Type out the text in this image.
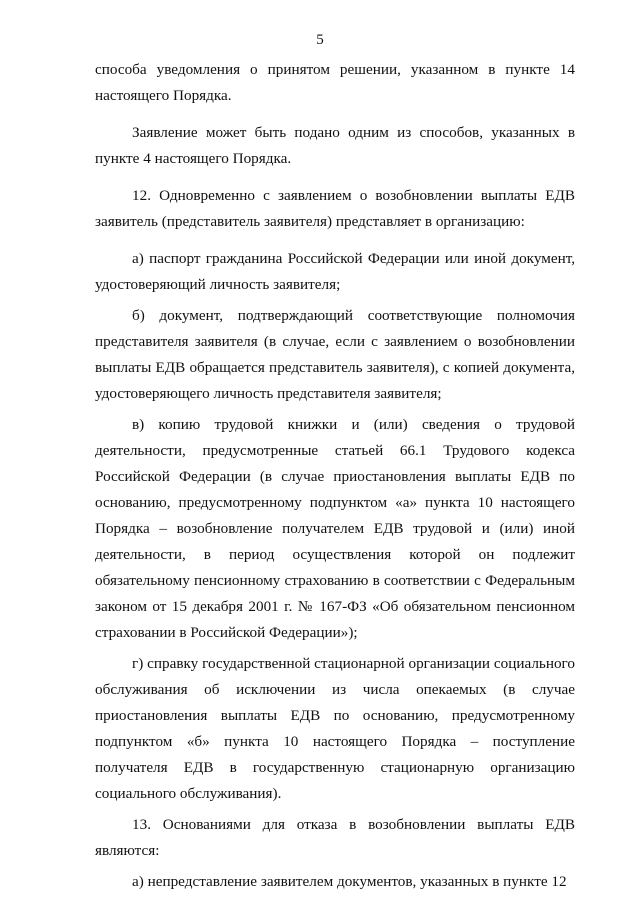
5

способа уведомления о принятом решении, указанном в пункте 14 настоящего Порядка.

Заявление может быть подано одним из способов, указанных в пункте 4 настоящего Порядка.

12. Одновременно с заявлением о возобновлении выплаты ЕДВ заявитель (представитель заявителя) представляет в организацию:

а) паспорт гражданина Российской Федерации или иной документ, удостоверяющий личность заявителя;

б) документ, подтверждающий соответствующие полномочия представителя заявителя (в случае, если с заявлением о возобновлении выплаты ЕДВ обращается представитель заявителя), с копией документа, удостоверяющего личность представителя заявителя;

в) копию трудовой книжки и (или) сведения о трудовой деятельности, предусмотренные статьей 66.1 Трудового кодекса Российской Федерации (в случае приостановления выплаты ЕДВ по основанию, предусмотренному подпунктом «а» пункта 10 настоящего Порядка – возобновление получателем ЕДВ трудовой и (или) иной деятельности, в период осуществления которой он подлежит обязательному пенсионному страхованию в соответствии с Федеральным законом от 15 декабря 2001 г. № 167-ФЗ «Об обязательном пенсионном страховании в Российской Федерации»);

г) справку государственной стационарной организации социального обслуживания об исключении из числа опекаемых (в случае приостановления выплаты ЕДВ по основанию, предусмотренному подпунктом «б» пункта 10 настоящего Порядка – поступление получателя ЕДВ в государственную стационарную организацию социального обслуживания).

13. Основаниями для отказа в возобновлении выплаты ЕДВ являются:

а) непредставление заявителем документов, указанных в пункте 12
